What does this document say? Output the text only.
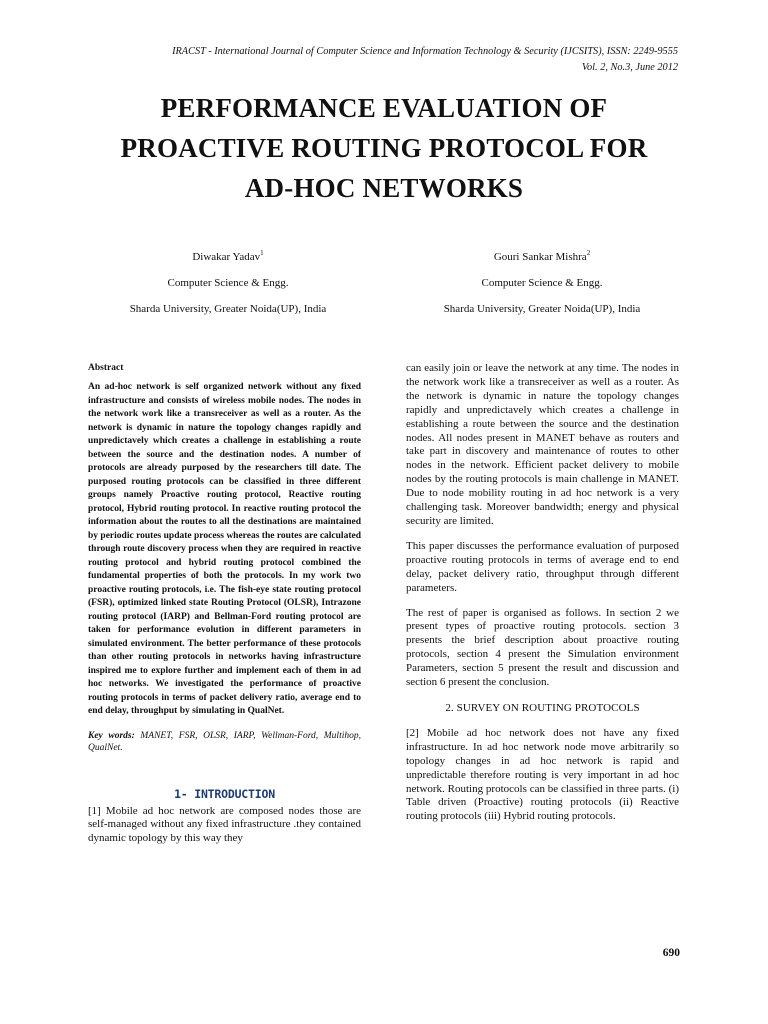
IRACST - International Journal of Computer Science and Information Technology & Security (IJCSITS), ISSN: 2249-9555
Vol. 2, No.3, June 2012
PERFORMANCE EVALUATION OF
PROACTIVE ROUTING PROTOCOL FOR
AD-HOC NETWORKS
Diwakar Yadav$^1$
Computer Science & Engg.
Sharda University, Greater Noida(UP), India
Gouri Sankar Mishra$^2$
Computer Science & Engg.
Sharda University, Greater Noida(UP), India
Abstract

An ad-hoc network is self organized network without any fixed infrastructure and consists of wireless mobile nodes. The nodes in the network work like a transreceiver as well as a router. As the network is dynamic in nature the topology changes rapidly and unpredictavely which creates a challenge in establishing a route between the source and the destination nodes. A number of protocols are already purposed by the researchers till date. The purposed routing protocols can be classified in three different groups namely Proactive routing protocol, Reactive routing protocol, Hybrid routing protocol. In reactive routing protocol the information about the routes to all the destinations are maintained by periodic routes update process whereas the routes are calculated through route discovery process when they are required in reactive routing protocol and hybrid routing protocol combined the fundamental properties of both the protocols. In my work two proactive routing protocols, i.e. The fish-eye state routing protocol (FSR), optimized linked state Routing Protocol (OLSR), Intrazone routing protocol (IARP) and Bellman-Ford routing protocol are taken for performance evolution in different parameters in simulated environment. The better performance of these protocols than other routing protocols in networks having infrastructure inspired me to explore further and implement each of them in ad hoc networks. We investigated the performance of proactive routing protocols in terms of packet delivery ratio, average end to end delay, throughput by simulating in QualNet.

Key words: MANET, FSR, OLSR, IARP, Wellman-Ford, Multihop, QualNet.

1- INTRODUCTION

[1] Mobile ad hoc network are composed nodes those are self-managed without any fixed infrastructure .they contained dynamic topology by this way they

can easily join or leave the network at any time. The nodes in the network work like a transreceiver as well as a router. As the network is dynamic in nature the topology changes rapidly and unpredictavely which creates a challenge in establishing a route between the source and the destination nodes. All nodes present in MANET behave as routers and take part in discovery and maintenance of routes to other nodes in the network. Efficient packet delivery to mobile nodes by the routing protocols is main challenge in MANET. Due to node mobility routing in ad hoc network is a very challenging task. Moreover bandwidth; energy and physical security are limited.

This paper discusses the performance evaluation of purposed proactive routing protocols in terms of average end to end delay, packet delivery ratio, throughput through different parameters.

The rest of paper is organised as follows. In section 2 we present types of proactive routing protocols. section 3 presents the brief description about proactive routing protocols, section 4 present the Simulation environment Parameters, section 5 present the result and discussion and section 6 present the conclusion.

2. SURVEY ON ROUTING PROTOCOLS

[2] Mobile ad hoc network does not have any fixed infrastructure. In ad hoc network node move arbitrarily so topology changes in ad hoc network is rapid and unpredictable therefore routing is very important in ad hoc network. Routing protocols can be classified in three parts. (i) Table driven (Proactive) routing protocols (ii) Reactive routing protocols (iii) Hybrid routing protocols.

690
